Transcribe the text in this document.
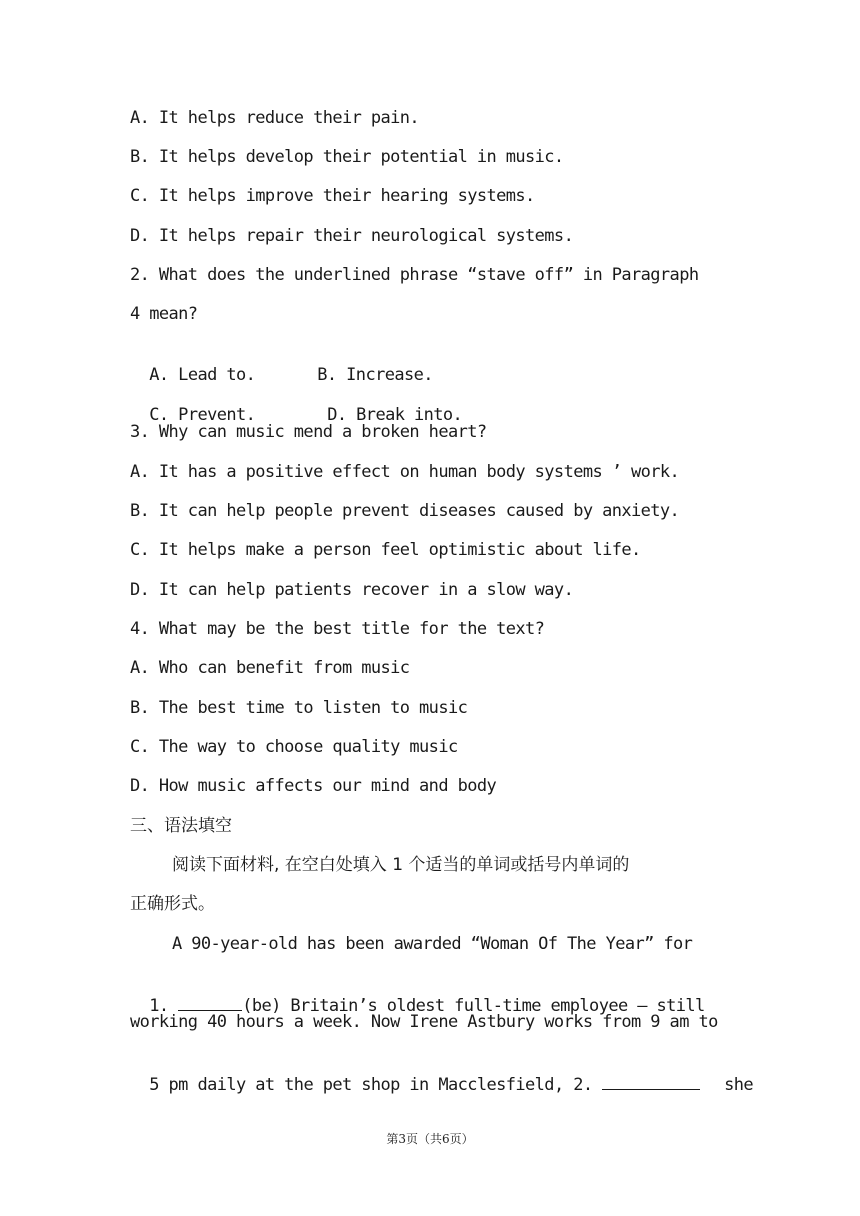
A. It helps reduce their pain.
B. It helps develop their potential in music.
C. It helps improve their hearing systems.
D. It helps repair their neurological systems.
2. What does the underlined phrase “stave off” in Paragraph
4 mean?

A. Lead to.	B. Increase.

C. Prevent.	D. Break into.

3. Why can music mend a broken heart?
A. It has a positive effect on human body systems ’ work.
B. It can help people prevent diseases caused by anxiety.
C. It helps make a person feel optimistic about life.
D. It can help patients recover in a slow way.
4. What may be the best title for the text?
A. Who can benefit from music
B. The best time to listen to music
C. The way to choose quality music
D. How music affects our mind and body
三、语法填空
阅读下面材料, 在空白处填入 1 个适当的单词或括号内单词的
正确形式。
A 90-year-old has been awarded “Woman Of The Year” for

1.	(be) Britain’s oldest full-time employee — still

working 40 hours a week. Now Irene Astbury works from 9 am to

5 pm daily at the pet shop in Macclesfield, 2.	she

第3页（共6页）
